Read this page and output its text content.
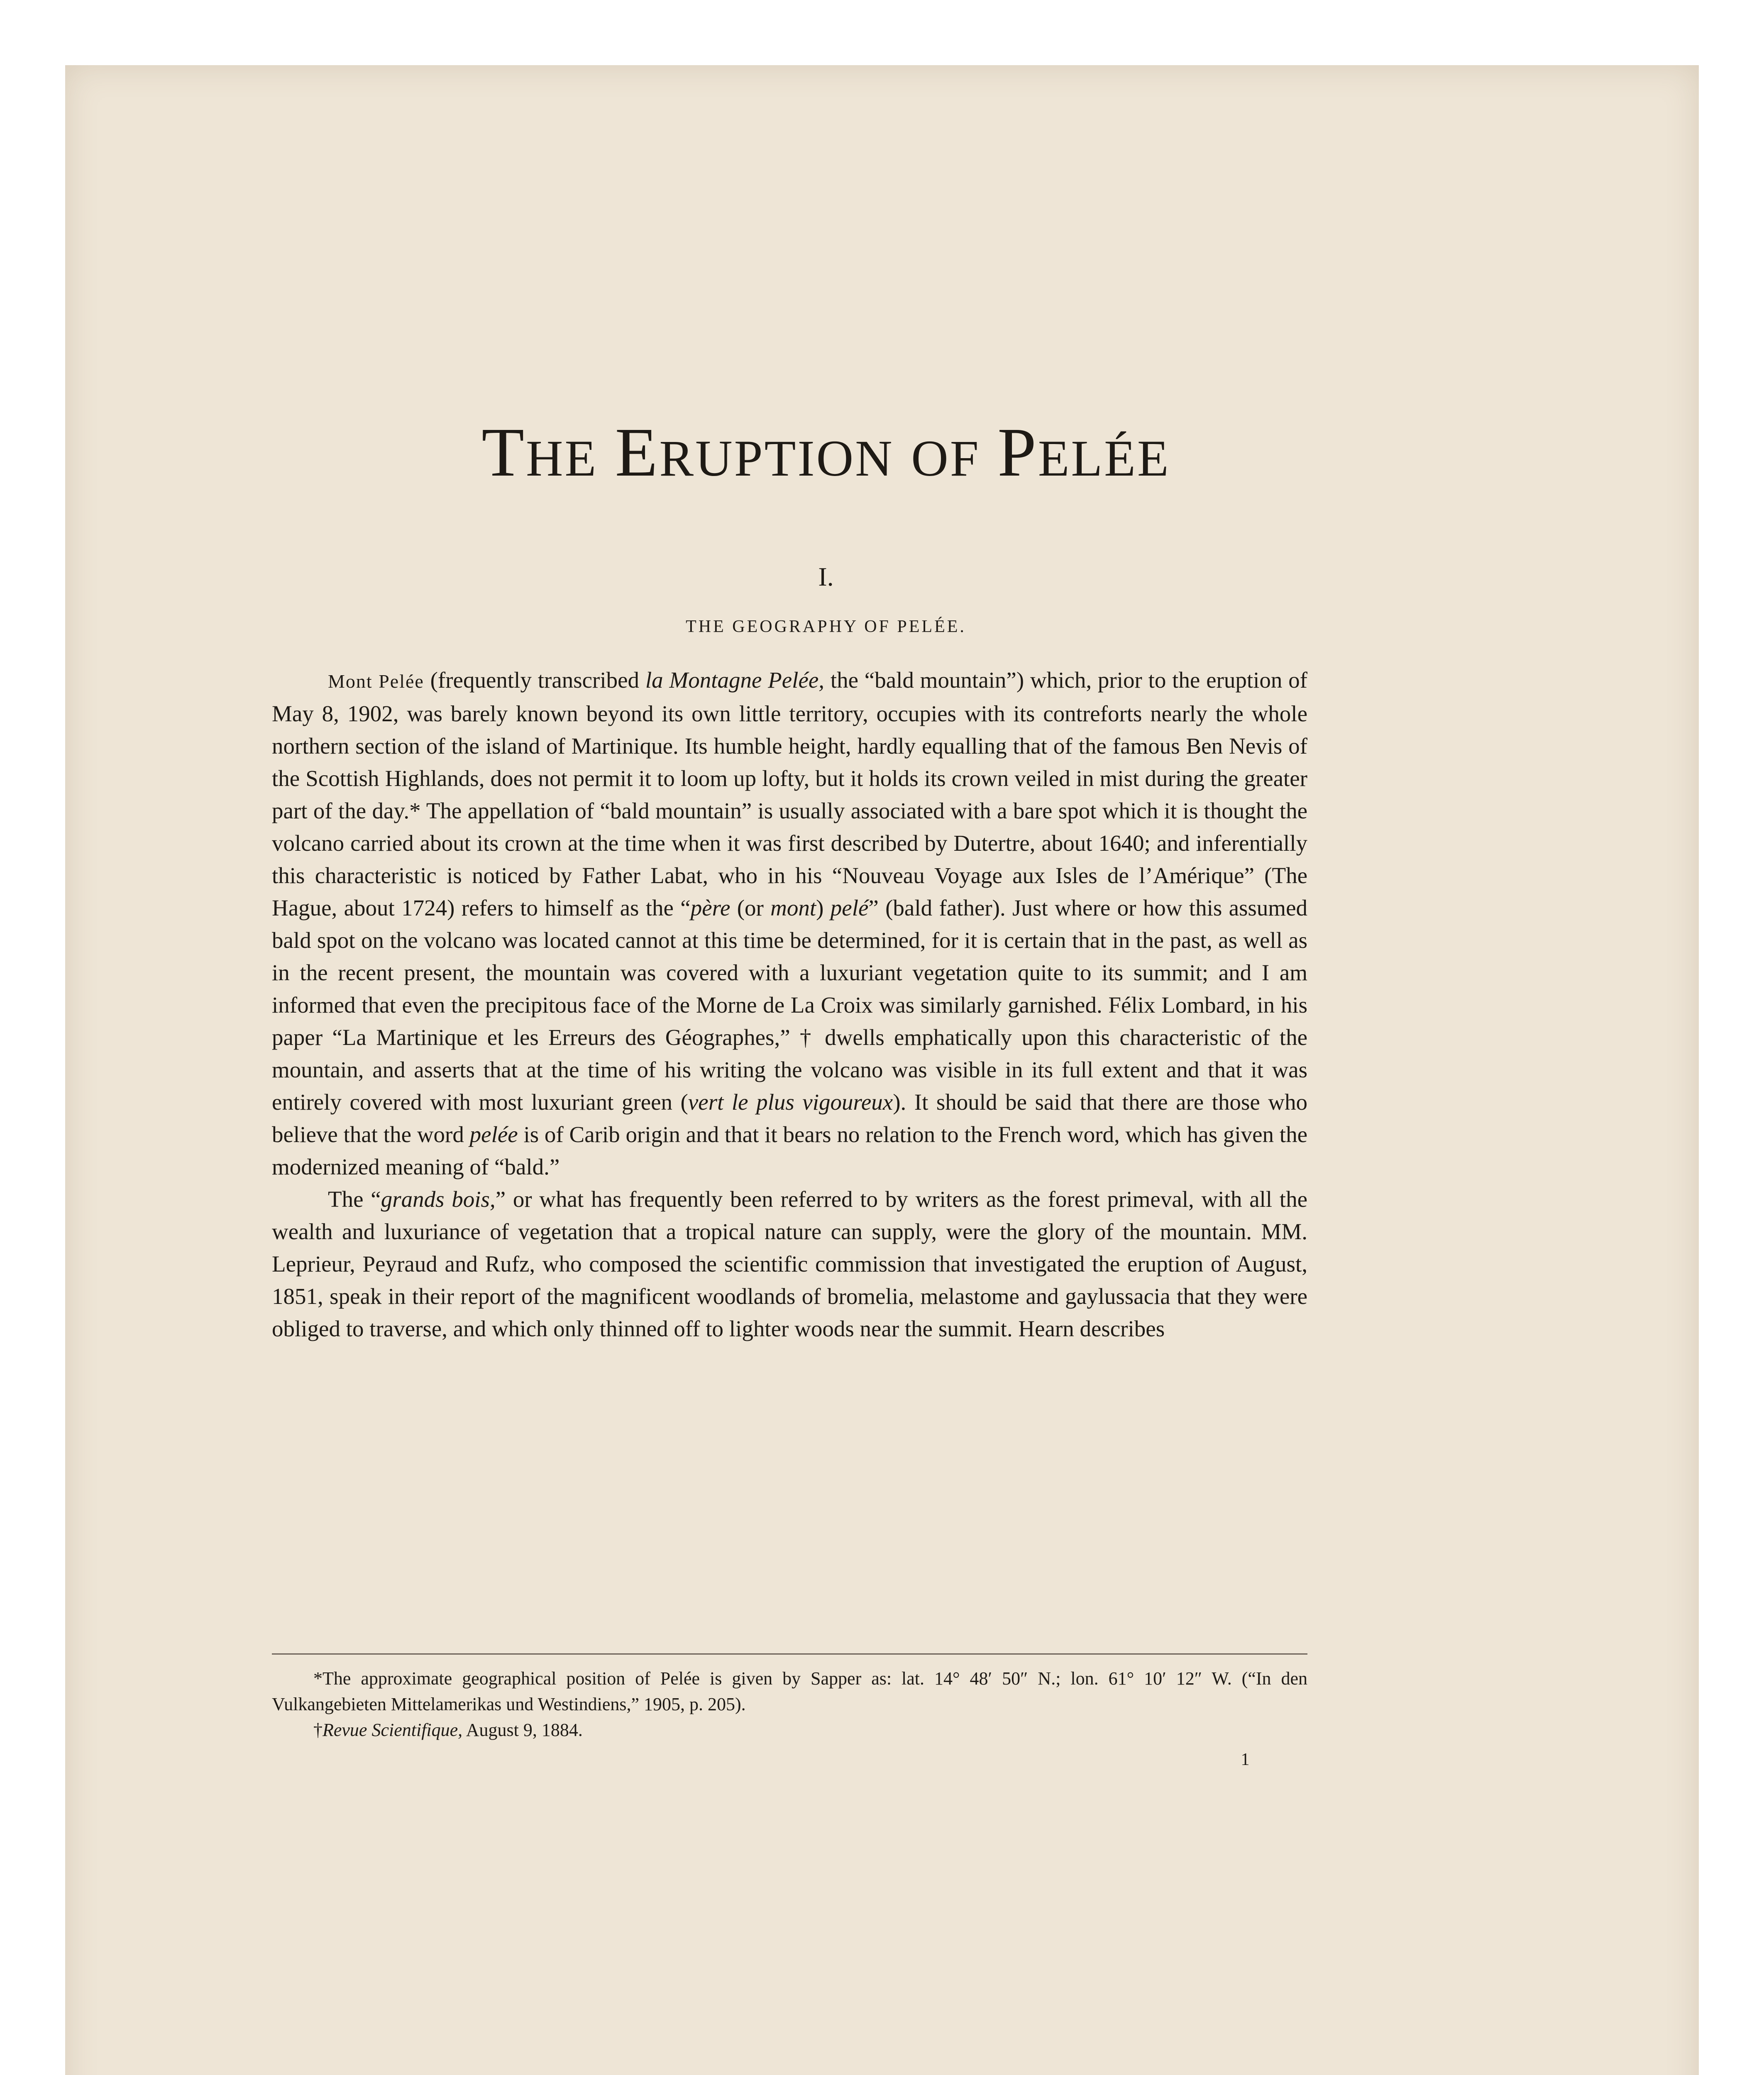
THE ERUPTION OF PELÉE
I.
THE GEOGRAPHY OF PELÉE.

Mont Pelée (frequently transcribed la Montagne Pelée, the “bald mountain”) which, prior to the eruption of May 8, 1902, was barely known beyond its own little territory, occupies with its contreforts nearly the whole northern section of the island of Martinique. Its humble height, hardly equalling that of the famous Ben Nevis of the Scottish Highlands, does not permit it to loom up lofty, but it holds its crown veiled in mist during the greater part of the day.* The appellation of “bald mountain” is usually associated with a bare spot which it is thought the volcano carried about its crown at the time when it was first described by Dutertre, about 1640; and inferentially this characteristic is noticed by Father Labat, who in his “Nouveau Voyage aux Isles de l’Amérique” (The Hague, about 1724) refers to himself as the “père (or mont) pelé” (bald father). Just where or how this assumed bald spot on the volcano was located cannot at this time be determined, for it is certain that in the past, as well as in the recent present, the mountain was covered with a luxuriant vegetation quite to its summit; and I am informed that even the precipitous face of the Morne de La Croix was similarly garnished. Félix Lombard, in his paper “La Martinique et les Erreurs des Géographes,” † dwells emphatically upon this characteristic of the mountain, and asserts that at the time of his writing the volcano was visible in its full extent and that it was entirely covered with most luxuriant green (vert le plus vigoureux). It should be said that there are those who believe that the word pelée is of Carib origin and that it bears no relation to the French word, which has given the modernized meaning of “bald.”

The “grands bois,” or what has frequently been referred to by writers as the forest primeval, with all the wealth and luxuriance of vegetation that a tropical nature can supply, were the glory of the mountain. MM. Leprieur, Peyraud and Rufz, who composed the scientific commission that investigated the eruption of August, 1851, speak in their report of the magnificent woodlands of bromelia, melastome and gaylussacia that they were obliged to traverse, and which only thinned off to lighter woods near the summit. Hearn describes

*The approximate geographical position of Pelée is given by Sapper as: lat. 14° 48′ 50″ N.; lon. 61° 10′ 12″ W. (“In den Vulkangebieten Mittelamerikas und Westindiens,” 1905, p. 205).

†Revue Scientifique, August 9, 1884.

1
